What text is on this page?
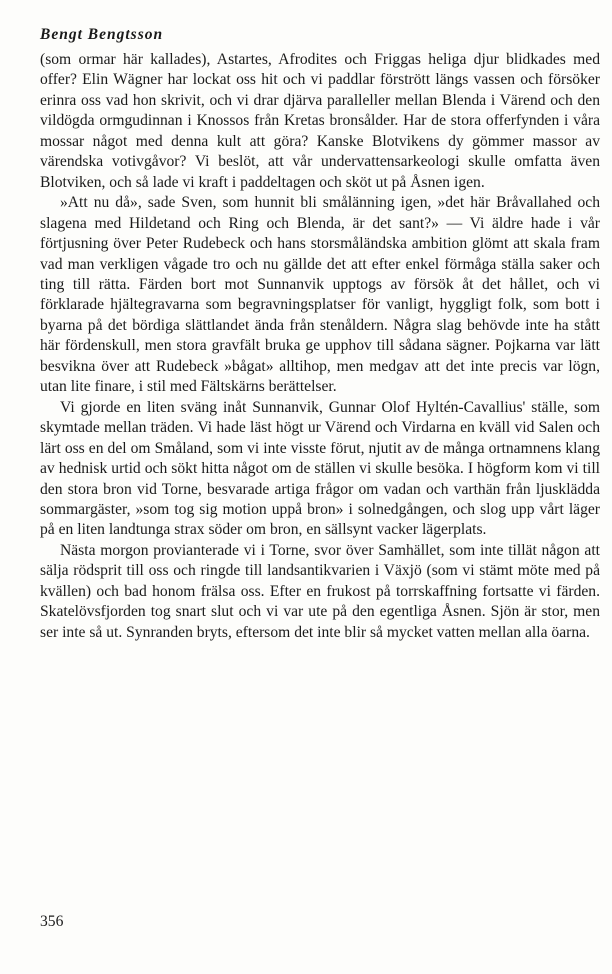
Bengt Bengtsson

(som ormar här kallades), Astartes, Afrodites och Friggas heliga djur blidkades med offer? Elin Wägner har lockat oss hit och vi paddlar förstrött längs vassen och försöker erinra oss vad hon skrivit, och vi drar djärva paralleller mellan Blenda i Värend och den vildögda ormgudinnan i Knossos från Kretas bronsålder. Har de stora offerfynden i våra mossar något med denna kult att göra? Kanske Blotvikens dy gömmer massor av värendska votivgåvor? Vi beslöt, att vår undervattensarkeologi skulle omfatta även Blotviken, och så lade vi kraft i paddeltagen och sköt ut på Åsnen igen.

»Att nu då», sade Sven, som hunnit bli smålänning igen, »det här Bråvallahed och slagena med Hildetand och Ring och Blenda, är det sant?» — Vi äldre hade i vår förtjusning över Peter Rudebeck och hans storsmåländska ambition glömt att skala fram vad man verkligen vågade tro och nu gällde det att efter enkel förmåga ställa saker och ting till rätta. Färden bort mot Sunnanvik upptogs av försök åt det hållet, och vi förklarade hjältegravarna som begravningsplatser för vanligt, hyggligt folk, som bott i byarna på det bördiga slättlandet ända från stenåldern. Några slag behövde inte ha stått här fördenskull, men stora gravfält bruka ge upphov till sådana sägner. Pojkarna var lätt besvikna över att Rudebeck »bågat» alltihop, men medgav att det inte precis var lögn, utan lite finare, i stil med Fältskärns berättelser.

Vi gjorde en liten sväng inåt Sunnanvik, Gunnar Olof Hyltén-Cavallius' ställe, som skymtade mellan träden. Vi hade läst högt ur Värend och Virdarna en kväll vid Salen och lärt oss en del om Småland, som vi inte visste förut, njutit av de många ortnamnens klang av hednisk urtid och sökt hitta något om de ställen vi skulle besöka. I högform kom vi till den stora bron vid Torne, besvarade artiga frågor om vadan och varthän från ljusklädda sommargäster, »som tog sig motion uppå bron» i solnedgången, och slog upp vårt läger på en liten landtunga strax söder om bron, en sällsynt vacker lägerplats.

Nästa morgon provianterade vi i Torne, svor över Samhället, som inte tillät någon att sälja rödsprit till oss och ringde till landsantikvarien i Växjö (som vi stämt möte med på kvällen) och bad honom frälsa oss. Efter en frukost på torrskaffning fortsatte vi färden. Skatelövsfjorden tog snart slut och vi var ute på den egentliga Åsnen. Sjön är stor, men ser inte så ut. Synranden bryts, eftersom det inte blir så mycket vatten mellan alla öarna.

356
